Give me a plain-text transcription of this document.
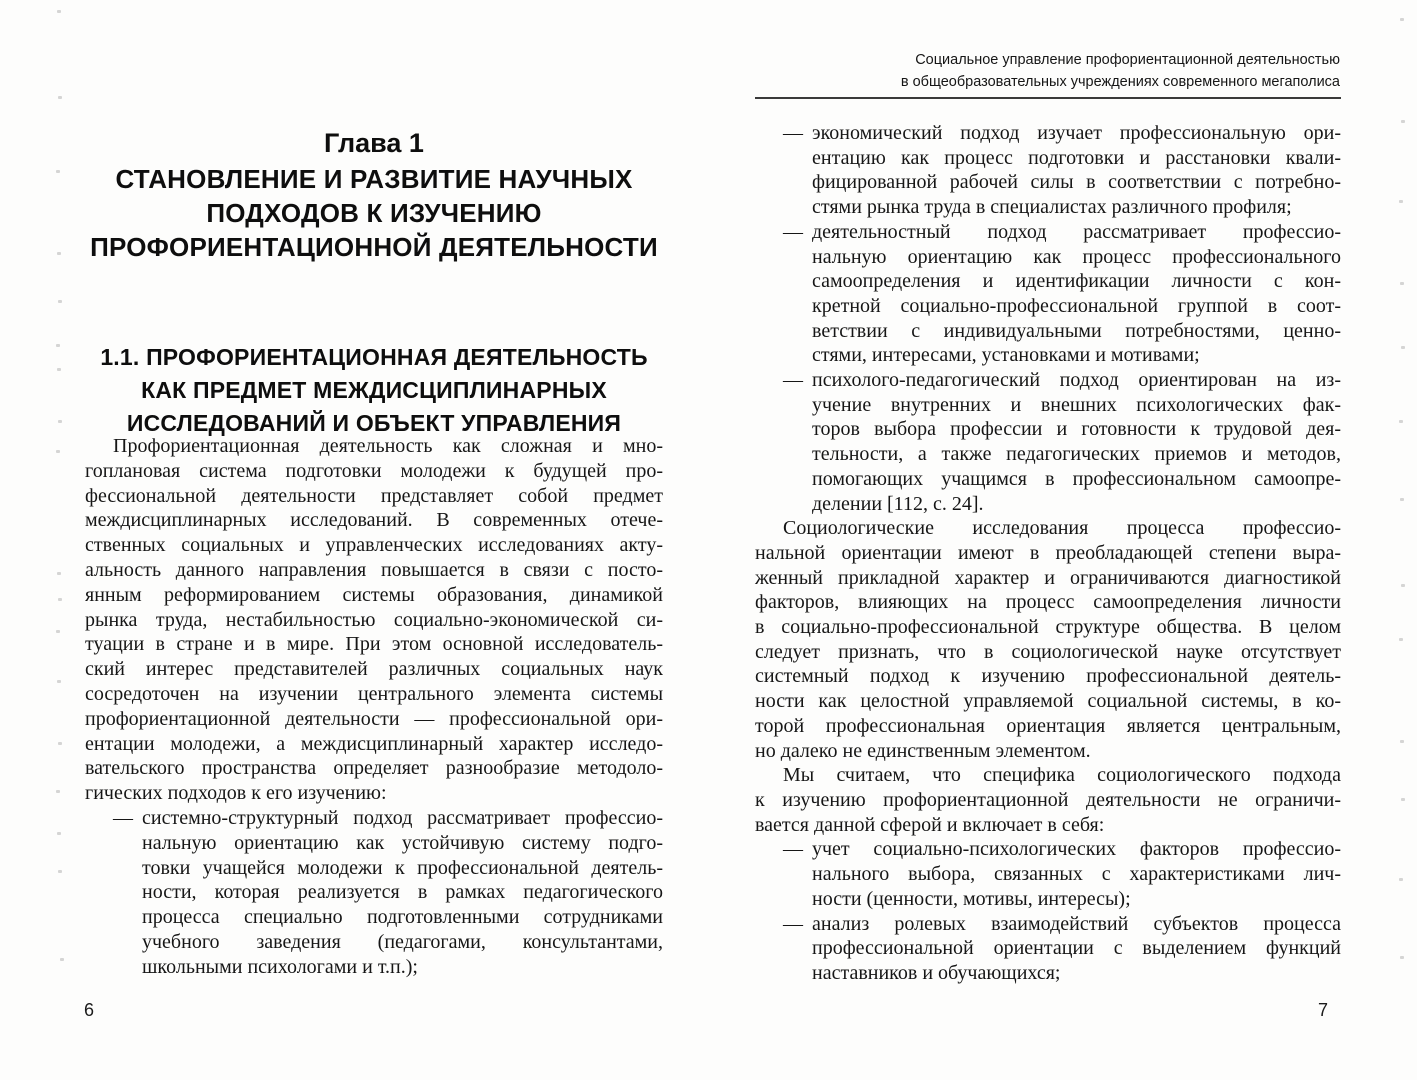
Глава 1
СТАНОВЛЕНИЕ И РАЗВИТИЕ НАУЧНЫХ
ПОДХОДОВ К ИЗУЧЕНИЮ
ПРОФОРИЕНТАЦИОННОЙ ДЕЯТЕЛЬНОСТИ
1.1. ПРОФОРИЕНТАЦИОННАЯ ДЕЯТЕЛЬНОСТЬ
КАК ПРЕДМЕТ МЕЖДИСЦИПЛИНАРНЫХ
ИССЛЕДОВАНИЙ И ОБЪЕКТ УПРАВЛЕНИЯ
Профориентационная деятельность как сложная и мно-
гоплановая система подготовки молодежи к будущей про-
фессиональной деятельности представляет собой предмет
междисциплинарных исследований. В современных отече-
ственных социальных и управленческих исследованиях акту-
альность данного направления повышается в связи с посто-
янным реформированием системы образования, динамикой
рынка труда, нестабильностью социально-экономической си-
туации в стране и в мире. При этом основной исследователь-
ский интерес представителей различных социальных наук
сосредоточен на изучении центрального элемента системы
профориентационной деятельности — профессиональной ори-
ентации молодежи, а междисциплинарный характер исследо-
вательского пространства определяет разнообразие методоло-
гических подходов к его изучению:
— системно-структурный подход рассматривает профессио-
нальную ориентацию как устойчивую систему подго-
товки учащейся молодежи к профессиональной деятель-
ности, которая реализуется в рамках педагогического
процесса специально подготовленными сотрудниками
учебного заведения (педагогами, консультантами,
школьными психологами и т.п.);
6
Социальное управление профориентационной деятельностью
в общеобразовательных учреждениях современного мегаполиса
— экономический подход изучает профессиональную ори-
ентацию как процесс подготовки и расстановки квали-
фицированной рабочей силы в соответствии с потребно-
стями рынка труда в специалистах различного профиля;
— деятельностный подход рассматривает профессио-
нальную ориентацию как процесс профессионального
самоопределения и идентификации личности с кон-
кретной социально-профессиональной группой в соот-
ветствии с индивидуальными потребностями, ценно-
стями, интересами, установками и мотивами;
— психолого-педагогический подход ориентирован на из-
учение внутренних и внешних психологических фак-
торов выбора профессии и готовности к трудовой дея-
тельности, а также педагогических приемов и методов,
помогающих учащимся в профессиональном самоопре-
делении [112, с. 24].
Социологические исследования процесса профессио-
нальной ориентации имеют в преобладающей степени выра-
женный прикладной характер и ограничиваются диагностикой
факторов, влияющих на процесс самоопределения личности
в социально-профессиональной структуре общества. В целом
следует признать, что в социологической науке отсутствует
системный подход к изучению профессиональной деятель-
ности как целостной управляемой социальной системы, в ко-
торой профессиональная ориентация является центральным,
но далеко не единственным элементом.
Мы считаем, что специфика социологического подхода
к изучению профориентационной деятельности не ограничи-
вается данной сферой и включает в себя:
— учет социально-психологических факторов профессио-
нального выбора, связанных с характеристиками лич-
ности (ценности, мотивы, интересы);
— анализ ролевых взаимодействий субъектов процесса
профессиональной ориентации с выделением функций
наставников и обучающихся;
7
